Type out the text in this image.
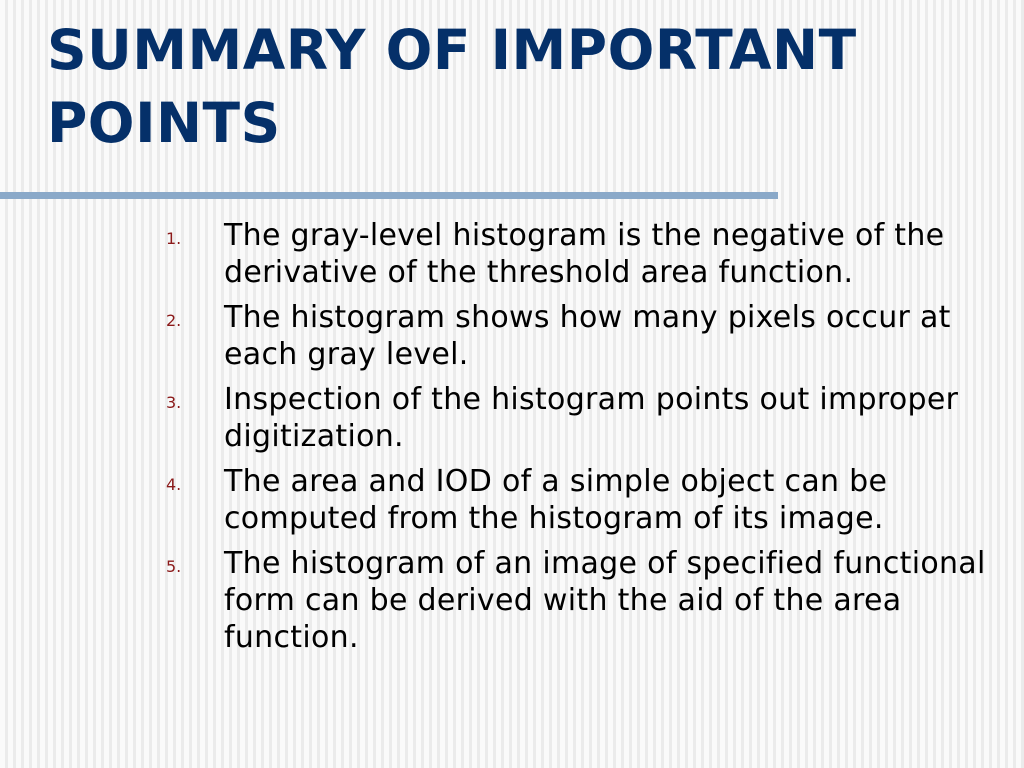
SUMMARY OF IMPORTANT POINTS
1. The gray-level histogram is the negative of the derivative of the threshold area function.
2. The histogram shows how many pixels occur at each gray level.
3. Inspection of the histogram points out improper digitization.
4. The area and IOD of a simple object can be computed from the histogram of its image.
5. The histogram of an image of specified functional form can be derived with the aid of the area function.
